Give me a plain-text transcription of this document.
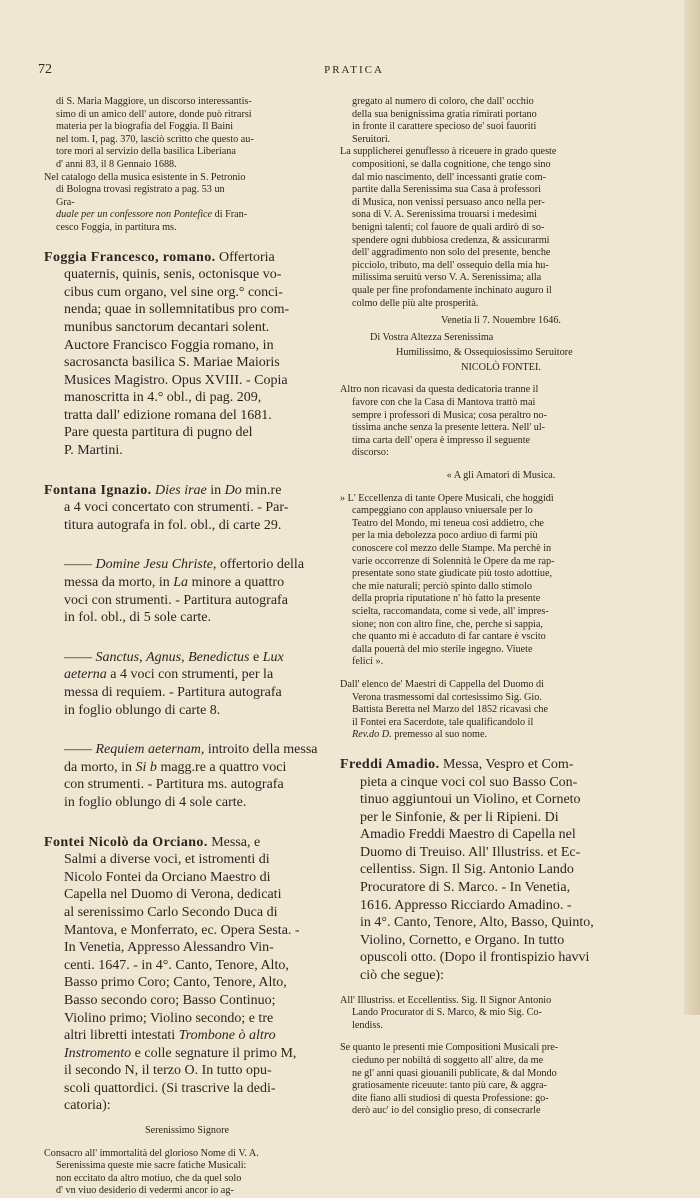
72	PRATICA

di S. Maria Maggiore, un discorso interessantis-

simo di un amico dell' autore, donde può ritrarsi

materia per la biografia del Foggia. Il Baini

nel tom. I, pag. 370, lasciò scritto che questo au-

tore morì al servizio della basilica Liberiana

d' anni 83, il 8 Gennaio 1688.

Nel catalogo della musica esistente in S. Petronio

di Bologna trovasi registrato a pag. 53 un

Gra-

duale per un confessore non Pontefice di Fran-

cesco Foggia, in partitura ms.

Foggia Francesco, romano. Offertoria

quaternis, quinis, senis, octonisque vo-

cibus cum organo, vel sine org.° conci-

nenda; quae in sollemnitatibus pro com-

munibus sanctorum decantari solent.

Auctore Francisco Foggia romano, in

sacrosancta basilica S. Mariae Maioris

Musices Magistro. Opus XVIII. - Copia

manoscritta in 4.° obl., di pag. 209,

tratta dall' edizione romana del 1681.

Pare questa partitura di pugno del

P. Martini.

Fontana Ignazio. Dies irae in Do min.re

a 4 voci concertato con strumenti. - Par-

titura autografa in fol. obl., di carte 29.

—— Domine Jesu Christe, offertorio della

messa da morto, in La minore a quattro

voci con strumenti. - Partitura autografa

in fol. obl., di 5 sole carte.

—— Sanctus, Agnus, Benedictus e Lux

aeterna a 4 voci con strumenti, per la

messa di requiem. - Partitura autografa

in foglio oblungo di carte 8.

—— Requiem aeternam, introito della messa

da morto, in Si b magg.re a quattro voci

con strumenti. - Partitura ms. autografa

in foglio oblungo di 4 sole carte.

Fontei Nicolò da Orciano. Messa, e

Salmi a diverse voci, et istromenti di

Nicolo Fontei da Orciano Maestro di

Capella nel Duomo di Verona, dedicati

al serenissimo Carlo Secondo Duca di

Mantova, e Monferrato, ec. Opera Sesta. -

In Venetia, Appresso Alessandro Vin-

centi. 1647. - in 4°. Canto, Tenore, Alto,

Basso primo Coro; Canto, Tenore, Alto,

Basso secondo coro; Basso Continuo;

Violino primo; Violino secondo; e tre

altri libretti intestati Trombone ò altro

Instromento e colle segnature il primo M,

il secondo N, il terzo O. In tutto opu-

scoli quattordici. (Si trascrive la dedi-

catoria):

Serenissimo Signore

Consacro all' immortalità del glorioso Nome di V. A.

Serenissima queste mie sacre fatiche Musicali:

non eccitato da altro motiuo, che da quel solo

d' vn viuo desiderio di vedermi ancor io ag-

gregato al numero di coloro, che dall' occhio

della sua benignissima gratia rimirati portano

in fronte il carattere specioso de' suoi fauoriti

Seruitori.

La supplicherei genuflesso à riceuere in grado queste

compositioni, se dalla cognitione, che tengo sino

dal mio nascimento, dell' incessanti gratie com-

partite dalla Serenissima sua Casa à professori

di Musica, non venissi persuaso anco nella per-

sona di V. A. Serenissima trouarsi i medesimi

benigni talenti; col fauore de quali ardirò di so-

spendere ogni dubbiosa credenza, & assicurarmi

dell' aggradimento non solo del presente, benche

picciolo, tributo, ma dell' ossequio della mia hu-

milissima seruitù verso V. A. Serenissima; alla

quale per fine profondamente inchinato auguro il

colmo delle più alte prosperità.

Venetia li 7. Nouembre 1646.

Di Vostra Altezza Serenissima

Humilissimo, & Ossequiosissimo Seruitore

NICOLÒ FONTEI.

Altro non ricavasi da questa dedicatoria tranne il

favore con che la Casa di Mantova trattò mai

sempre i professori di Musica; cosa peraltro no-

tissima anche senza la presente lettera. Nell' ul-

tima carta dell' opera è impresso il seguente

discorso:

« A gli Amatori di Musica.

» L' Eccellenza di tante Opere Musicali, che hoggidì

campeggiano con applauso vniuersale per lo

Teatro del Mondo, mi teneua così addietro, che

per la mia debolezza poco ardiuo di farmi più

conoscere col mezzo delle Stampe. Ma perchè in

varie occorrenze di Solennità le Opere da me rap-

presentate sono state giudicate più tosto adottiue,

che mie naturali; perciò spinto dallo stimolo

della propria riputatione n' hò fatto la presente

scielta, raccomandata, come si vede, all' impres-

sione; non con altro fine, che, perche si sappia,

che quanto mi è accaduto di far cantare è vscito

dalla pouertà del mio sterile ingegno. Viuete

felici ».

Dall' elenco de' Maestri di Cappella del Duomo di

Verona trasmessomi dal cortesissimo Sig. Gio.

Battista Beretta nel Marzo del 1852 ricavasi che

il Fontei era Sacerdote, tale qualificandolo il

Rev.do D. premesso al suo nome.

Freddi Amadio. Messa, Vespro et Com-

pieta a cinque voci col suo Basso Con-

tinuo aggiuntoui un Violino, et Corneto

per le Sinfonie, & per li Ripieni. Di

Amadio Freddi Maestro di Capella nel

Duomo di Treuiso. All' Illustriss. et Ec-

cellentiss. Sign. Il Sig. Antonio Lando

Procuratore di S. Marco. - In Venetia,

1616. Appresso Ricciardo Amadino. -

in 4°. Canto, Tenore, Alto, Basso, Quinto,

Violino, Cornetto, e Organo. In tutto

opuscoli otto. (Dopo il frontispizio havvi

ciò che segue):

All' Illustriss. et Eccellentiss. Sig. Il Signor Antonio

Lando Procurator di S. Marco, & mio Sig. Co-

lendiss.

Se quanto le presenti mie Compositioni Musicali pre-

cieduno per nobiltà di soggetto all' altre, da me

ne gl' anni quasi giouanili publicate, & dal Mondo

gratiosamente riceuute: tanto più care, & aggra-

dite fiano alli studiosi di questa Professione: go-

derò auc' io del consiglio preso, di consecrarle
